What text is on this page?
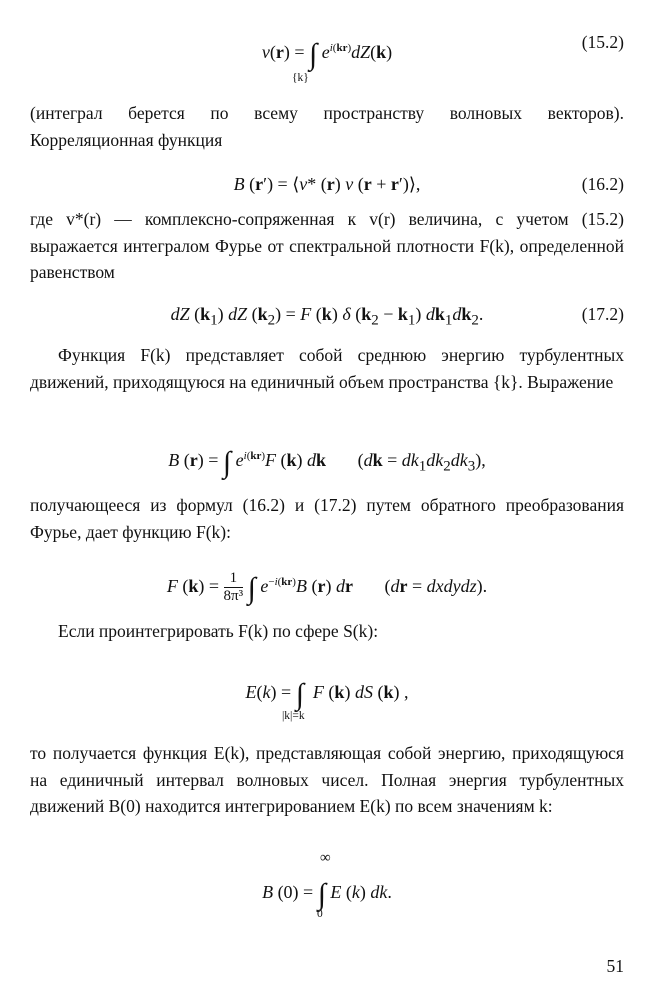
v(r) = ∫ $e^{i(kr)}dZ(k)$
{k}
(15.2)

(интеграл берется по всему пространству волновых векторов). Корреляционная функция

B (r′) = ⟨v* (r) v (r + r′)⟩,	(16.2)

где v*(r) — комплексно-сопряженная к v(r) величина, с учетом (15.2) выражается интегралом Фурье от спектральной плотности F(k), определенной равенством

dZ $(k_1)$ dZ $(k_2) = F$ (k) δ $(k_2 - k_1)$ $dk_1dk_2$.	(17.2)

Функция F(k) представляет собой среднюю энергию турбулентных движений, приходящуюся на единичный объем пространства {k}. Выражение

B (r) = ∫ $e^{i(kr)}F$ (k) dk       $(dk = dk_1dk_2dk_3)$,

получающееся из формул (16.2) и (17.2) путем обратного преобразования Фурье, дает функцию F(k):

F $(k) = \frac{1}{\text{8π³}}$ ∫ $e^{-i(kr)}B$ (r) dr       (dr = dxdydz).

Если проинтегрировать F(k) по сфере S(k):

E(k) = ∫ F (k) dS (k) ,
|k|=k

то получается функция E(k), представляющая собой энергию, приходящуюся на единичный интервал волновых чисел. Полная энергия турбулентных движений B(0) находится интегрированием E(k) по всем значениям k:

∞
B (0) = ∫ E (k) dk.
0
51
